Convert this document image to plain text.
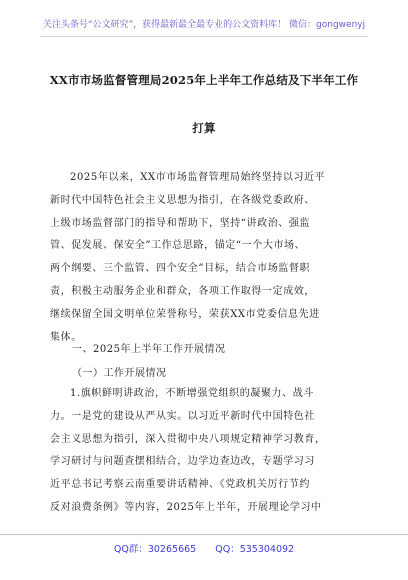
关注头条号“公文研究”，获得最新最全最专业的公文资料库！ 微信：gongwenyj
XX市市场监督管理局2025年上半年工作总结及下半年工作
打算
2025年以来，XX市市场监督管理局始终坚持以习近平
新时代中国特色社会主义思想为指引，在各级党委政府、
上级市场监督部门的指导和帮助下，坚持“讲政治、强监
管、促发展、保安全”工作总思路，锚定“一个大市场、
两个纲要、三个监管、四个安全”目标，结合市场监督职
责，积极主动服务企业和群众，各项工作取得一定成效，
继续保留全国文明单位荣誉称号，荣获XX市党委信息先进
集体。
一、2025年上半年工作开展情况
（一）工作开展情况
1.旗帜鲜明讲政治，不断增强党组织的凝聚力、战斗
力。一是党的建设从严从实。以习近平新时代中国特色社
会主义思想为指引，深入贯彻中央八项规定精神学习教育，
学习研讨与问题查摆相结合，边学边查边改，专题学习习
近平总书记考察云南重要讲话精神、《党政机关厉行节约
反对浪费条例》等内容，2025年上半年，开展理论学习中
QQ群：30265665 QQ：535304092
